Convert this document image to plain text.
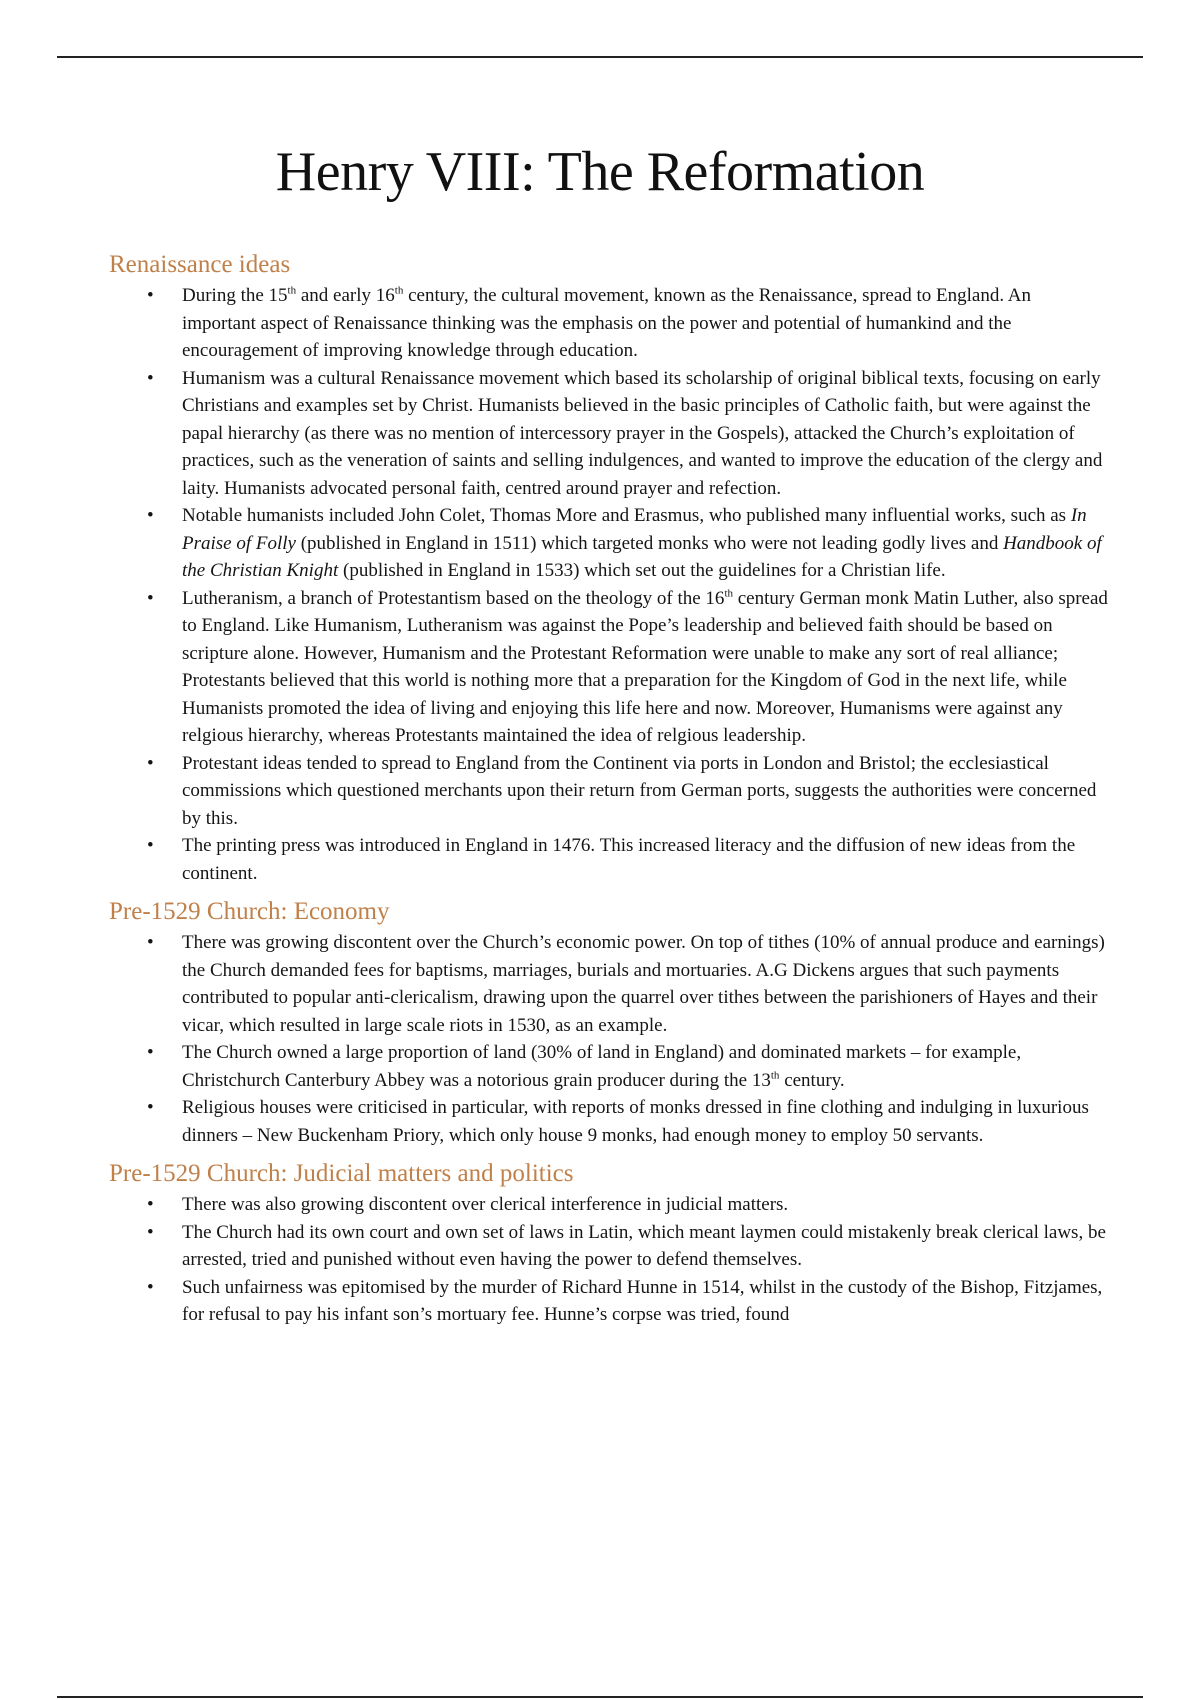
Henry VIII: The Reformation
Renaissance ideas
• During the 15th and early 16th century, the cultural movement, known as the Renaissance, spread to England. An important aspect of Renaissance thinking was the emphasis on the power and potential of humankind and the encouragement of improving knowledge through education.
• Humanism was a cultural Renaissance movement which based its scholarship of original biblical texts, focusing on early Christians and examples set by Christ. Humanists believed in the basic principles of Catholic faith, but were against the papal hierarchy (as there was no mention of intercessory prayer in the Gospels), attacked the Church’s exploitation of practices, such as the veneration of saints and selling indulgences, and wanted to improve the education of the clergy and laity. Humanists advocated personal faith, centred around prayer and refection.
• Notable humanists included John Colet, Thomas More and Erasmus, who published many influential works, such as In Praise of Folly (published in England in 1511) which targeted monks who were not leading godly lives and Handbook of the Christian Knight (published in England in 1533) which set out the guidelines for a Christian life.
• Lutheranism, a branch of Protestantism based on the theology of the 16th century German monk Matin Luther, also spread to England. Like Humanism, Lutheranism was against the Pope’s leadership and believed faith should be based on scripture alone. However, Humanism and the Protestant Reformation were unable to make any sort of real alliance; Protestants believed that this world is nothing more that a preparation for the Kingdom of God in the next life, while Humanists promoted the idea of living and enjoying this life here and now. Moreover, Humanisms were against any relgious hierarchy, whereas Protestants maintained the idea of relgious leadership.
• Protestant ideas tended to spread to England from the Continent via ports in London and Bristol; the ecclesiastical commissions which questioned merchants upon their return from German ports, suggests the authorities were concerned by this.
• The printing press was introduced in England in 1476. This increased literacy and the diffusion of new ideas from the continent.
Pre-1529 Church: Economy
• There was growing discontent over the Church’s economic power. On top of tithes (10% of annual produce and earnings) the Church demanded fees for baptisms, marriages, burials and mortuaries. A.G Dickens argues that such payments contributed to popular anti-clericalism, drawing upon the quarrel over tithes between the parishioners of Hayes and their vicar, which resulted in large scale riots in 1530, as an example.
• The Church owned a large proportion of land (30% of land in England) and dominated markets – for example, Christchurch Canterbury Abbey was a notorious grain producer during the 13th century.
• Religious houses were criticised in particular, with reports of monks dressed in fine clothing and indulging in luxurious dinners – New Buckenham Priory, which only house 9 monks, had enough money to employ 50 servants.
Pre-1529 Church: Judicial matters and politics
• There was also growing discontent over clerical interference in judicial matters.
• The Church had its own court and own set of laws in Latin, which meant laymen could mistakenly break clerical laws, be arrested, tried and punished without even having the power to defend themselves.
• Such unfairness was epitomised by the murder of Richard Hunne in 1514, whilst in the custody of the Bishop, Fitzjames, for refusal to pay his infant son’s mortuary fee. Hunne’s corpse was tried, found
